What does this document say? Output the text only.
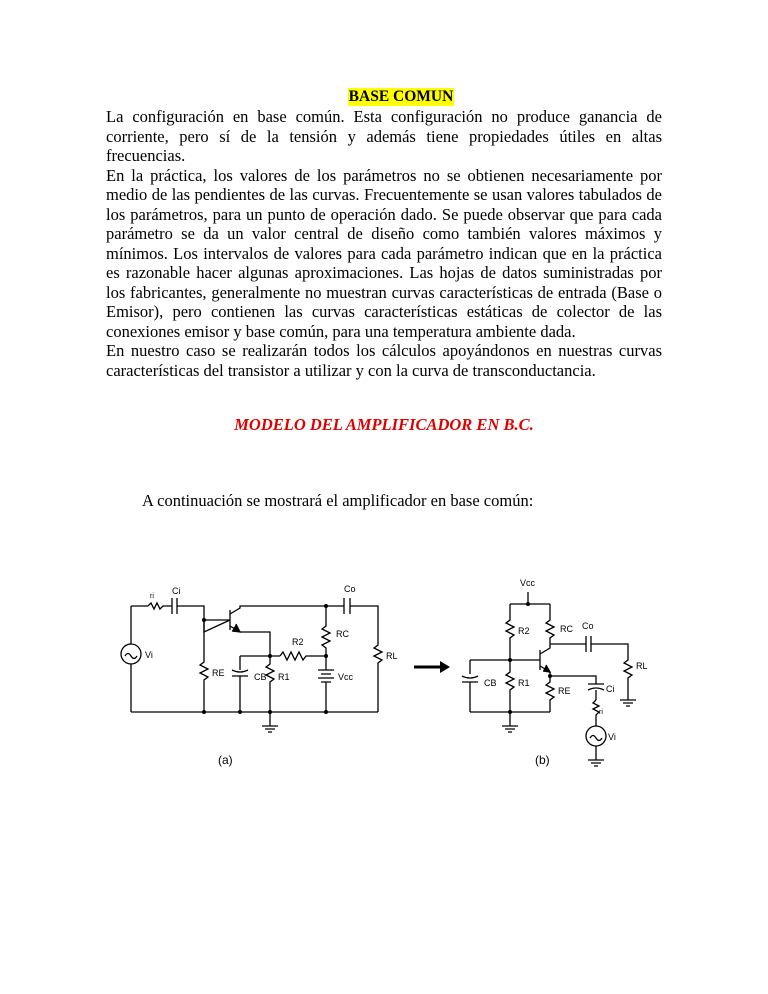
BASE COMUN

La configuración en base común. Esta configuración no produce ganancia de corriente, pero sí de la tensión y además tiene propiedades útiles en altas frecuencias.

En la práctica, los valores de los parámetros no se obtienen necesariamente por medio de las pendientes de las curvas. Frecuentemente se usan valores tabulados de los parámetros, para un punto de operación dado. Se puede observar que para cada parámetro se da un valor central de diseño como también valores máximos y mínimos. Los intervalos de valores para cada parámetro indican que en la práctica es razonable hacer algunas aproximaciones. Las hojas de datos suministradas por los fabricantes, generalmente no muestran curvas características de entrada (Base o Emisor), pero contienen las curvas características estáticas de colector de las conexiones emisor y base común, para una temperatura ambiente dada.

En nuestro caso se realizarán todos los cálculos apoyándonos en nuestras curvas características del transistor a utilizar y con la curva de transconductancia.

MODELO DEL AMPLIFICADOR EN B.C.
A continuación se mostrará el amplificador en base común:
ri
Ci	Co
RC
R2
RE	CB R1	Vcc
RL
Vi
Vcc
R2	RC Co
RL
CB R1
RE	Ci
ri
Vi
(a)	(b)
